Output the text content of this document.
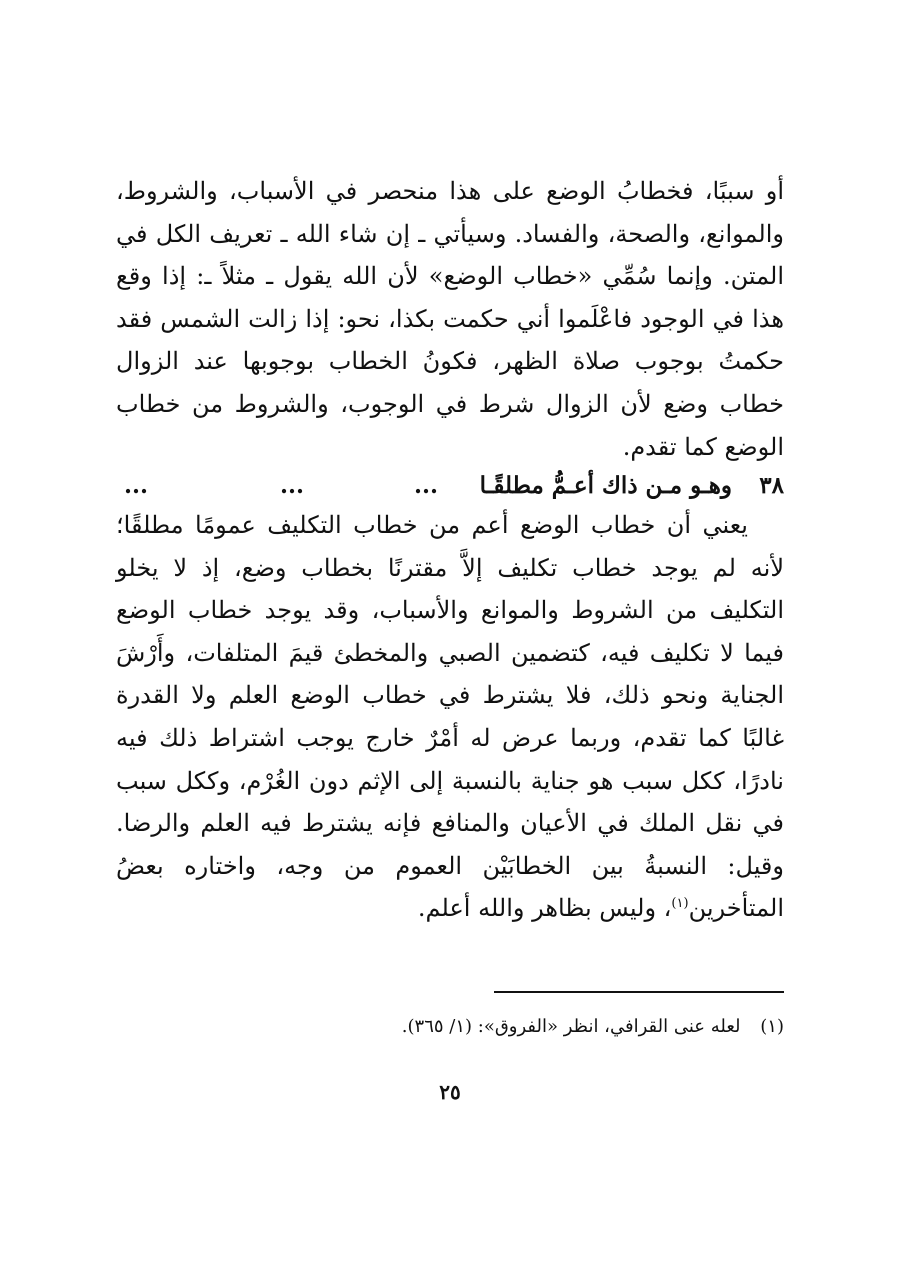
أو سببًا، فخطابُ الوضع على هذا منحصر في الأسباب، والشروط، والموانع، والصحة، والفساد. وسيأتي ـ إن شاء الله ـ تعريف الكل في المتن. وإنما سُمِّي «خطاب الوضع» لأن الله يقول ـ مثلاً ـ: إذا وقع هذا في الوجود فاعْلَموا أني حكمت بكذا، نحو: إذا زالت الشمس فقد حكمتُ بوجوب صلاة الظهر، فكونُ الخطاب بوجوبها عند الزوال خطاب وضع لأن الزوال شرط في الوجوب، والشروط من خطاب الوضع كما تقدم.

٣٨
وهـو مـن ذاك أعـمُّ مطلقًـا
...
...
...

يعني أن خطاب الوضع أعم من خطاب التكليف عمومًا مطلقًا؛ لأنه لم يوجد خطاب تكليف إلاَّ مقترنًا بخطاب وضع، إذ لا يخلو التكليف من الشروط والموانع والأسباب، وقد يوجد خطاب الوضع فيما لا تكليف فيه، كتضمين الصبي والمخطئ قيمَ المتلفات، وأَرْشَ الجناية ونحو ذلك، فلا يشترط في خطاب الوضع العلم ولا القدرة غالبًا كما تقدم، وربما عرض له أمْرٌ خارج يوجب اشتراط ذلك فيه نادرًا، ككل سبب هو جناية بالنسبة إلى الإثم دون الغُرْم، وككل سبب في نقل الملك في الأعيان والمنافع فإنه يشترط فيه العلم والرضا. وقيل: النسبةُ بين الخطابَيْن العموم من وجه، واختاره بعضُ المتأخرين$^{(١)}$، وليس بظاهر والله أعلم.

(١) لعله عنى القرافي، انظر «الفروق»: (١/ ٣٦٥).
٢٥
